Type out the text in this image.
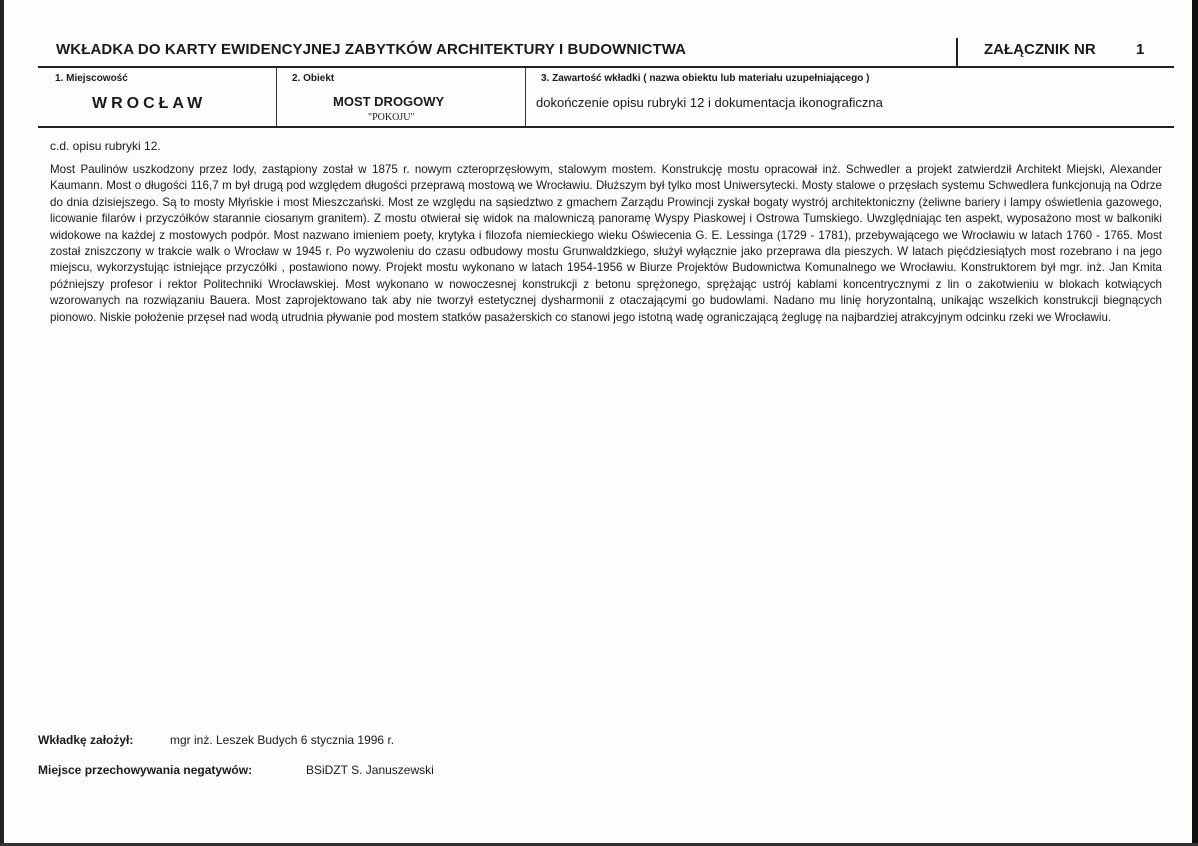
WKŁADKA DO KARTY EWIDENCYJNEJ ZABYTKÓW ARCHITEKTURY I BUDOWNICTWA	ZAŁĄCZNIK NR	1
1. Miejscowość
WROCŁAW
2. Obiekt
MOST DROGOWY
"POKOJU"
3. Zawartość wkładki ( nazwa obiektu lub materiału uzupełniającego )
dokończenie opisu rubryki 12 i dokumentacja ikonograficzna
c.d. opisu rubryki 12.

Most Paulinów uszkodzony przez lody, zastąpiony został w 1875 r. nowym czteroprzęsłowym, stalowym mostem. Konstrukcję mostu opracował inż. Schwedler a projekt zatwierdził Architekt Miejski, Alexander Kaumann. Most o długości 116,7 m był drugą pod względem długości przeprawą mostową we Wrocławiu. Dłuższym był tylko most Uniwersytecki. Mosty stalowe o przęsłach systemu Schwedlera funkcjonują na Odrze do dnia dzisiejszego. Są to mosty Młyńskie i most Mieszczański. Most ze względu na sąsiedztwo z gmachem Zarządu Prowincji zyskał bogaty wystrój architektoniczny (żeliwne bariery i lampy oświetlenia gazowego, licowanie filarów i przyczółków starannie ciosanym granitem). Z mostu otwierał się widok na malowniczą panoramę Wyspy Piaskowej i Ostrowa Tumskiego. Uwzględniając ten aspekt, wyposażono most w balkoniki widokowe na każdej z mostowych podpór. Most nazwano imieniem poety, krytyka i filozofa niemieckiego wieku Oświecenia G. E. Lessinga (1729 - 1781), przebywającego we Wrocławiu w latach 1760 - 1765. Most został zniszczony w trakcie walk o Wrocław w 1945 r. Po wyzwoleniu do czasu odbudowy mostu Grunwaldzkiego, służył wyłącznie jako przeprawa dla pieszych. W latach pięćdziesiątych most rozebrano i na jego miejscu, wykorzystując istniejące przyczółki , postawiono nowy. Projekt mostu wykonano w latach 1954-1956 w Biurze Projektów Budownictwa Komunalnego we Wrocławiu. Konstruktorem był mgr. inż. Jan Kmita późniejszy profesor i rektor Politechniki Wrocławskiej. Most wykonano w nowoczesnej konstrukcji z betonu sprężonego, sprężając ustrój kablami koncentrycznymi z lin o zakotwieniu w blokach kotwiących wzorowanych na rozwiązaniu Bauera. Most zaprojektowano tak aby nie tworzył estetycznej dysharmonii z otaczającymi go budowlami. Nadano mu linię horyzontalną, unikając wszelkich konstrukcji biegnących pionowo. Niskie położenie przęseł nad wodą utrudnia pływanie pod mostem statków pasażerskich co stanowi jego istotną wadę ograniczającą żeglugę na najbardziej atrakcyjnym odcinku rzeki we Wrocławiu.

Wkładkę założył:	mgr inż. Leszek Budych 6 stycznia 1996 r.
Miejsce przechowywania negatywów:	BSiDZT S. Januszewski
